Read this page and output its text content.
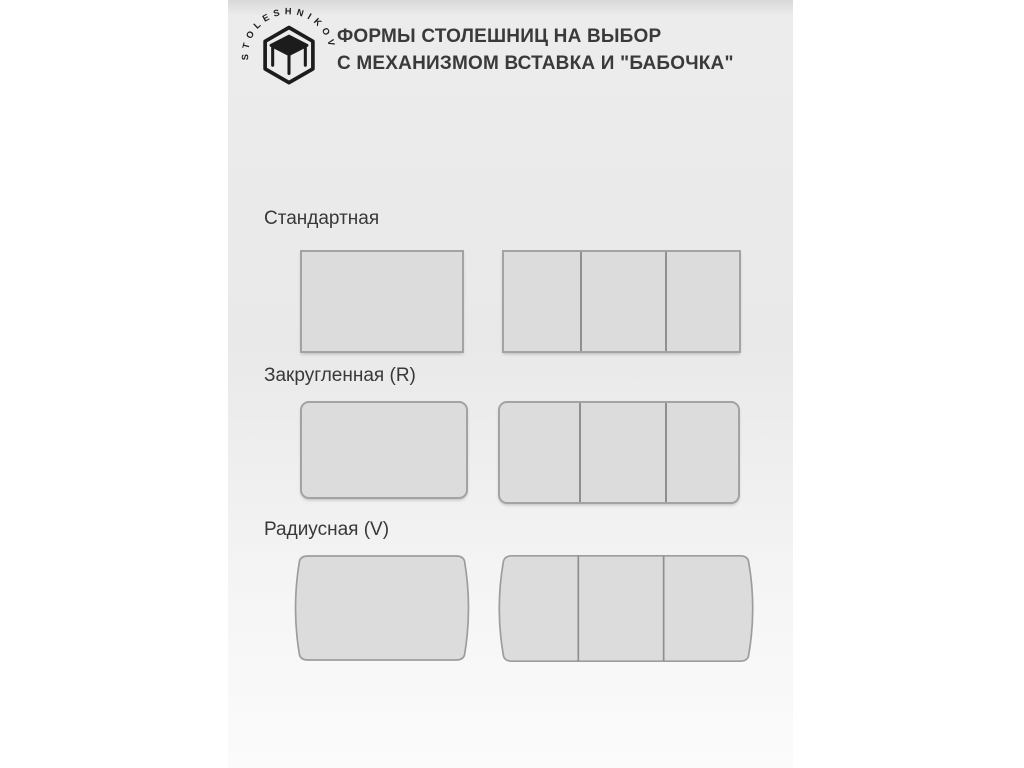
STOLESHNIKOV ФОРМЫ СТОЛЕШНИЦ НА ВЫБОР
С МЕХАНИЗМОМ ВСТАВКА И "БАБОЧКА"
Стандартная
Закругленная (R)
Радиусная (V)
